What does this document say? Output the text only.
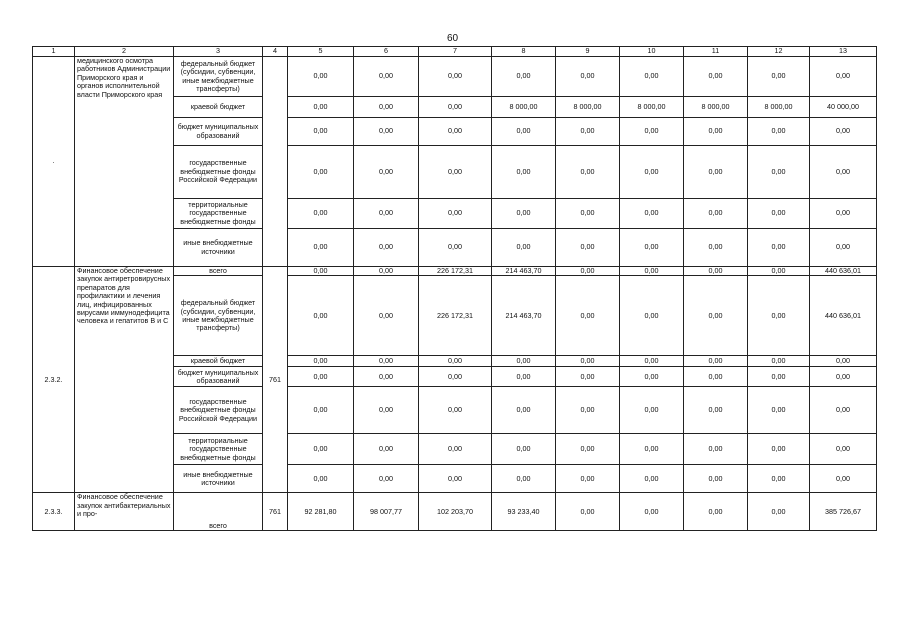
60
1	2	3	4	5	6	7	8	9	10	11	12	13
.	медицинского осмотра работников Администрации Приморского края и органов исполнительной власти Приморского края	федеральный бюджет (субсидии, субвенции, иные межбюджетные трансферты)		0,00	0,00	0,00	0,00	0,00	0,00	0,00	0,00	0,00
		краевой бюджет		0,00	0,00	0,00	8 000,00	8 000,00	8 000,00	8 000,00	8 000,00	40 000,00
		бюджет муниципальных образований		0,00	0,00	0,00	0,00	0,00	0,00	0,00	0,00	0,00
		государственные внебюджетные фонды Российской Федерации		0,00	0,00	0,00	0,00	0,00	0,00	0,00	0,00	0,00
		территориальные государственные внебюджетные фонды		0,00	0,00	0,00	0,00	0,00	0,00	0,00	0,00	0,00
		иные внебюджетные источники		0,00	0,00	0,00	0,00	0,00	0,00	0,00	0,00	0,00
2.3.2.	Финансовое обеспечение закупок антиретровирусных препаратов для профилактики и лечения лиц, инфицированных вирусами иммунодефицита человека и гепатитов В и С	всего	761	0,00	0,00	226 172,31	214 463,70	0,00	0,00	0,00	0,00	440 636,01
		федеральный бюджет (субсидии, субвенции, иные межбюджетные трансферты)		0,00	0,00	226 172,31	214 463,70	0,00	0,00	0,00	0,00	440 636,01
		краевой бюджет		0,00	0,00	0,00	0,00	0,00	0,00	0,00	0,00	0,00
		бюджет муниципальных образований		0,00	0,00	0,00	0,00	0,00	0,00	0,00	0,00	0,00
		государственные внебюджетные фонды Российской Федерации		0,00	0,00	0,00	0,00	0,00	0,00	0,00	0,00	0,00
		территориальные государственные внебюджетные фонды		0,00	0,00	0,00	0,00	0,00	0,00	0,00	0,00	0,00
		иные внебюджетные источники		0,00	0,00	0,00	0,00	0,00	0,00	0,00	0,00	0,00
2.3.3.	Финансовое обеспечение закупок антибактериальных и про-	всего	761	92 281,80	98 007,77	102 203,70	93 233,40	0,00	0,00	0,00	0,00	385 726,67
